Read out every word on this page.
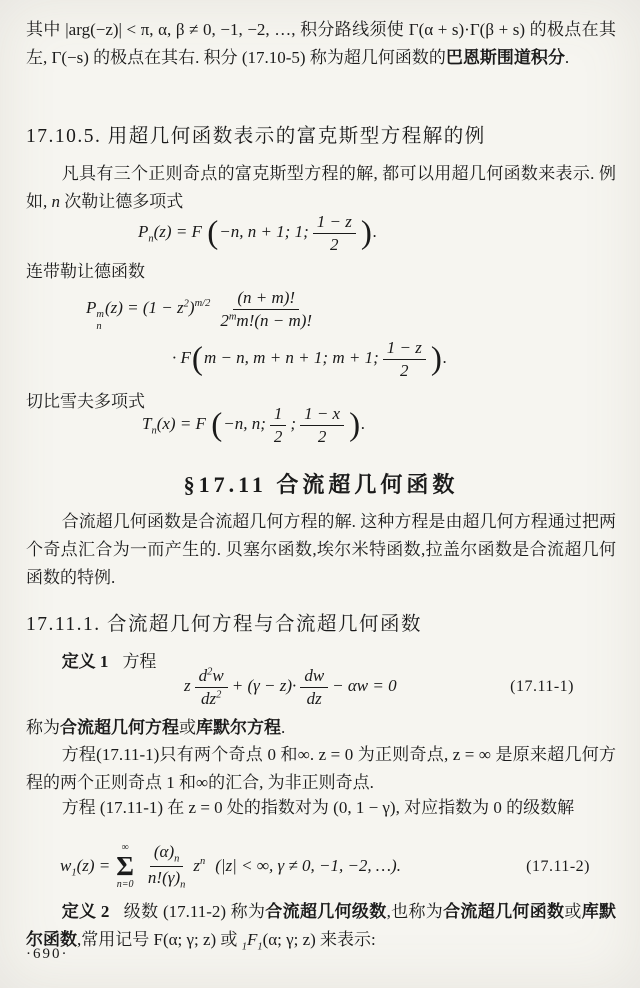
其中 |arg(−z)| < π, α, β ≠ 0, −1, −2, …, 积分路线须使 Γ(α + s)·Γ(β + s) 的极点在其左, Γ(−s) 的极点在其右. 积分 (17.10-5) 称为超几何函数的巴恩斯围道积分.

17.10.5. 用超几何函数表示的富克斯型方程解的例

凡具有三个正则奇点的富克斯型方程的解, 都可以用超几何函数来表示. 例如, n 次勒让德多项式

$P_n(z) = F$ (−n, n + 1; 1; $\frac{1 - z}{2}$ ).

连带勒让德函数

P m
n
$(z) = (1 - z^2)^{m/2} \frac{(n + m)!}{2^mm!(n - m)!}$
· F(m − n, m + n + 1; m + 1; $\frac{1 - z}{2}$ ).

切比雪夫多项式

$T_n(x) = F$ (−n, n; $\frac{1}{2}$ ; $\frac{1 - x}{2}$ ).
§17.11 合流超几何函数

合流超几何函数是合流超几何方程的解. 这种方程是由超几何方程通过把两个奇点汇合为一而产生的. 贝塞尔函数,埃尔米特函数,拉盖尔函数是合流超几何函数的特例.

17.11.1. 合流超几何方程与合流超几何函数

定义 1 方程

z $\frac{d^2w}{dz^2} + (\gamma - z)\cdot \frac{dw}{dz} - \alpha w = 0$	(17.11-1)

称为合流超几何方程或库默尔方程.

方程(17.11-1)只有两个奇点 0 和∞. z = 0 为正则奇点, z = ∞ 是原来超几何方程的两个正则奇点 1 和∞的汇合, 为非正则奇点.

方程 (17.11-1) 在 z = 0 处的指数对为 (0, 1 − γ), 对应指数为 0 的级数解

$w_1(z)$ =
∞
Σ
$n=0 \frac{(\alpha)_n}{n!(\gamma)_n} z^n$ (|z| < ∞, γ ≠ 0, −1, −2, …).	(17.11-2)

定义 2 级数 (17.11-2) 称为合流超几何级数,也称为合流超几何函数或库默尔函数,常用记号 F(α; γ; z) 或 $_1F_1(\alpha$; γ; z) 来表示:

·690·
